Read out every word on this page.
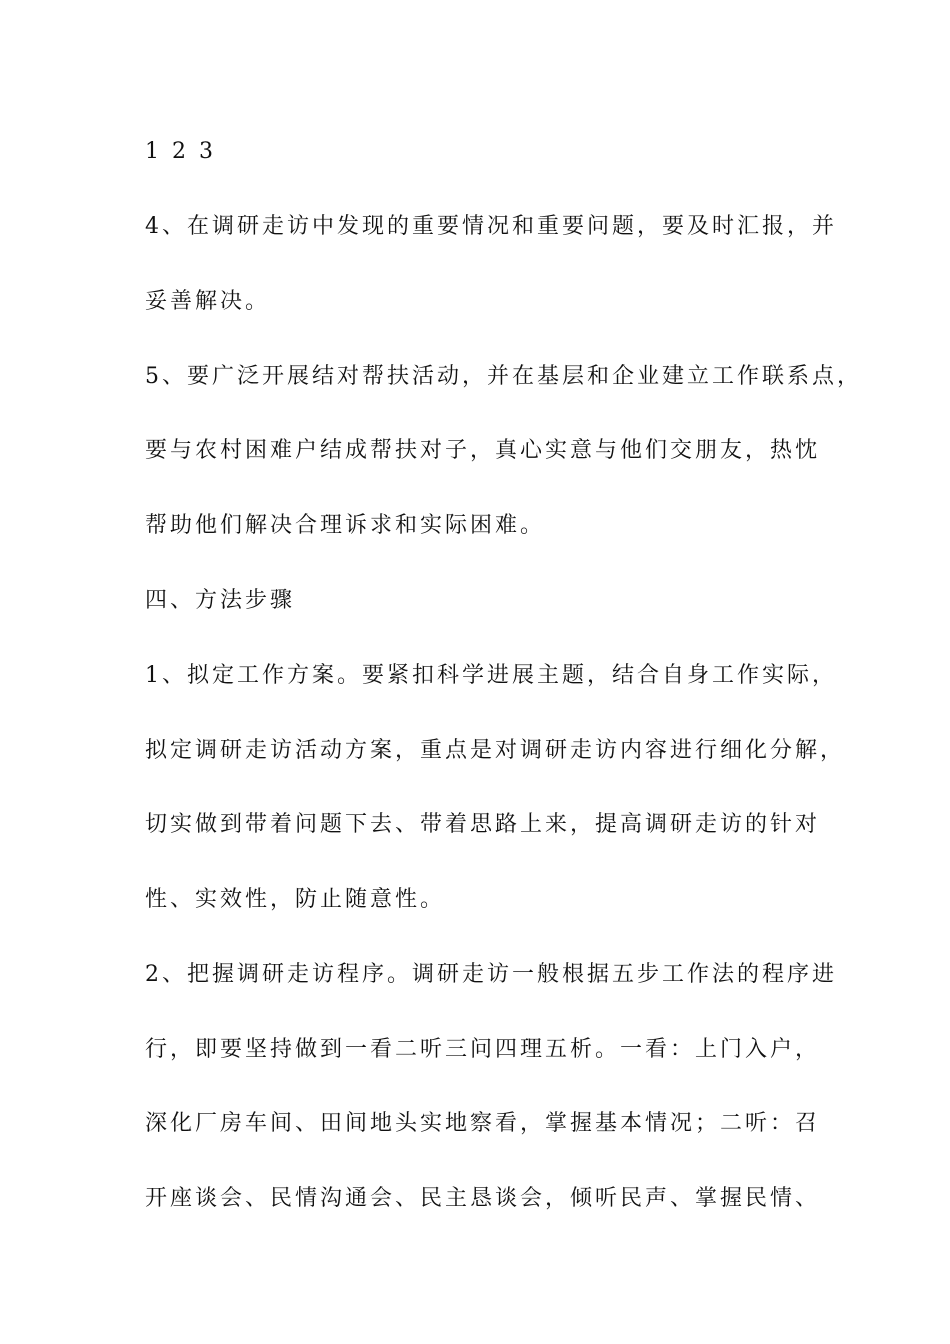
1 2 3
4、在调研走访中发现的重要情况和重要问题，要及时汇报，并
妥善解决。
5、要广泛开展结对帮扶活动，并在基层和企业建立工作联系点，
要与农村困难户结成帮扶对子，真心实意与他们交朋友，热忱
帮助他们解决合理诉求和实际困难。
四、方法步骤
1、拟定工作方案。要紧扣科学进展主题，结合自身工作实际，
拟定调研走访活动方案，重点是对调研走访内容进行细化分解，
切实做到带着问题下去、带着思路上来，提高调研走访的针对
性、实效性，防止随意性。
2、把握调研走访程序。调研走访一般根据五步工作法的程序进
行，即要坚持做到一看二听三问四理五析。一看：上门入户，
深化厂房车间、田间地头实地察看，掌握基本情况；二听：召
开座谈会、民情沟通会、民主恳谈会，倾听民声、掌握民情、
